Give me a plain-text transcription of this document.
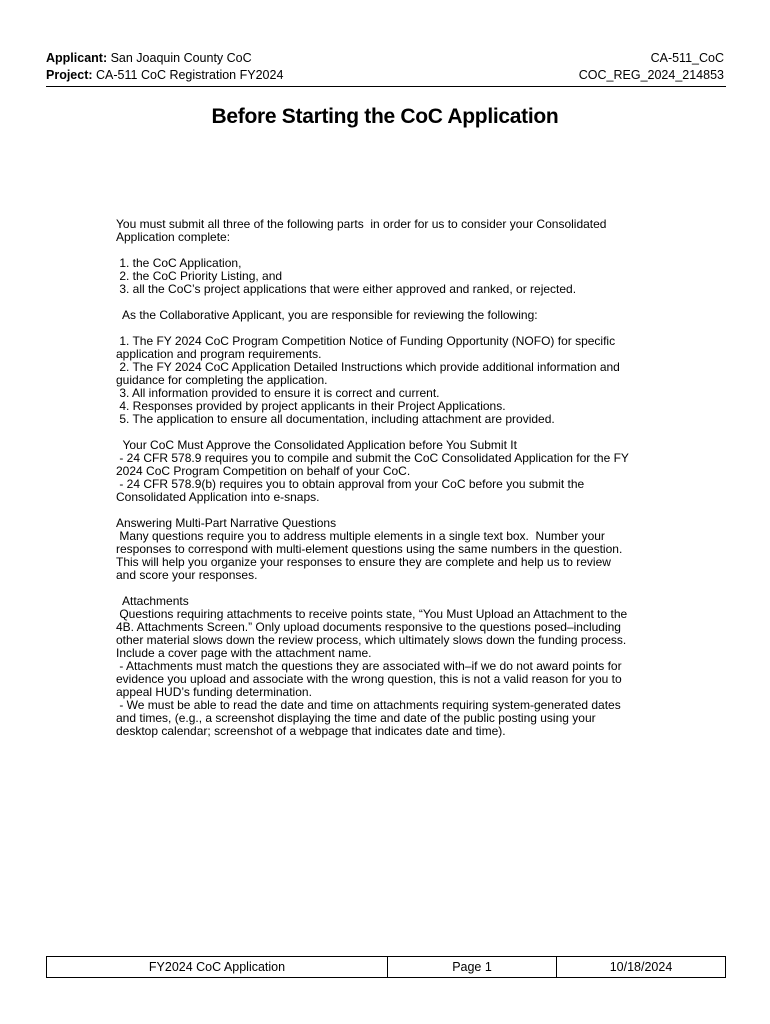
Applicant: San Joaquin County CoC
Project: CA-511 CoC Registration FY2024
CA-511_CoC
COC_REG_2024_214853
Before Starting the CoC Application
You must submit all three of the following parts  in order for us to consider your Consolidated
Application complete:
1. the CoC Application,
2. the CoC Priority Listing, and
3. all the CoC’s project applications that were either approved and ranked, or rejected.
As the Collaborative Applicant, you are responsible for reviewing the following:
1. The FY 2024 CoC Program Competition Notice of Funding Opportunity (NOFO) for specific
application and program requirements.
2. The FY 2024 CoC Application Detailed Instructions which provide additional information and
guidance for completing the application.
3. All information provided to ensure it is correct and current.
4. Responses provided by project applicants in their Project Applications.
5. The application to ensure all documentation, including attachment are provided.
Your CoC Must Approve the Consolidated Application before You Submit It
- 24 CFR 578.9 requires you to compile and submit the CoC Consolidated Application for the FY
2024 CoC Program Competition on behalf of your CoC.
- 24 CFR 578.9(b) requires you to obtain approval from your CoC before you submit the
Consolidated Application into e-snaps.
Answering Multi-Part Narrative Questions
Many questions require you to address multiple elements in a single text box.  Number your
responses to correspond with multi-element questions using the same numbers in the question.
This will help you organize your responses to ensure they are complete and help us to review
and score your responses.
Attachments
Questions requiring attachments to receive points state, “You Must Upload an Attachment to the
4B. Attachments Screen.” Only upload documents responsive to the questions posed–including
other material slows down the review process, which ultimately slows down the funding process.
Include a cover page with the attachment name.
- Attachments must match the questions they are associated with–if we do not award points for
evidence you upload and associate with the wrong question, this is not a valid reason for you to
appeal HUD’s funding determination.
- We must be able to read the date and time on attachments requiring system-generated dates
and times, (e.g., a screenshot displaying the time and date of the public posting using your
desktop calendar; screenshot of a webpage that indicates date and time).
FY2024 CoC Application	Page 1	10/18/2024
